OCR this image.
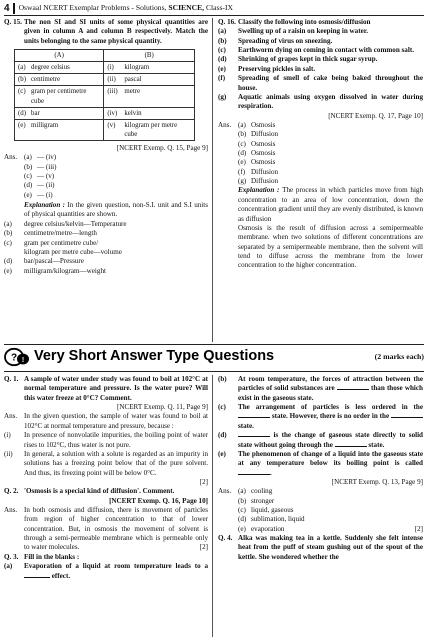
4 Oswaal NCERT Exemplar Problems - Solutions,
SCIENCE,
Class-IX
Q. 15. The non SI and SI units of some physical quantities are given in column A and column B respectively. Match the units belonging to the same physical quantity.
(A)	(B)

(a) degree celsius	(i) kilogram

(b) centimetre	(ii) pascal

(c) gram per centimetre cube	(iii) metre

(d) bar	(iv) kelvin

(e) milligram	(v) kilogram per metre cube
[NCERT Exemp. Q. 15, Page 9]
Ans. (a) — (iv)
(b) — (iii)
(c) — (v)
(d) — (ii)
(e) — (i)
Explanation : In the given question, non-S.I. unit and S.I units of physical quantities are shown.
(a)	degree celsius/kelvin—Temperature
(b)	centimetre/metre—length
(c)	gram per centimetre cube/
kilogram per metre cube—volume
(d)	bar/pascal—Pressure
(e)	milligram/kilogram—weight
Q. 16. Classify the following into osmosis/diffusion
(a)	Swelling up of a raisin on keeping in water.
(b)	Spreading of virus on sneezing.
(c)	Earthworm dying on coming in contact with common salt.
(d)	Shrinking of grapes kept in thick sugar syrup.
(e)	Preserving pickles in salt.
(f)	Spreading of smell of cake being baked throughout the house.
(g)	Aquatic animals using oxygen dissolved in water during respiration.
[NCERT Exemp. Q. 17, Page 10]
Ans. (a) Osmosis
(b) Diffusion
(c) Osmosis
(d) Osmosis
(e) Osmosis
(f) Diffusion
(g) Diffusion
Explanation : The process in which particles move from high concentration to an area of low concentration, down the concentration gradient until they are evenly distributed, is known as diffusion
Osmosis is the result of diffusion across a semipermeable membrane. when two solutions of different concentrations are separated by a semipermeable membrane, then the solvent will tend to diffuse across the membrane from the lower concentration to the higher concentration.
? ! Very Short Answer Type Questions	(2 marks each)
Q. 1. A sample of water under study was found to boil at 102°C at normal temperature and pressure. Is the water pure? Will this water freeze at 0°C? Comment.
[NCERT Exemp. Q. 11, Page 9]
Ans. In the given question, the sample of water was found to boil at 102°C at normal temperature and pressure, because :
(i)	In presence of nonvolatile impurities, the boiling point of water rises to 102°C, thus water is not pure.
(ii)	In general, a solution with a solute is regarded as an impurity in solutions has a freezing point below that of the pure solvent. And thus, its freezing point will be below 0°C.
[2]
Q. 2. 'Osmosis is a special kind of diffusion'. Comment.
[NCERT Exemp. Q. 16, Page 10]
Ans. In both osmosis and diffusion, there is movement of particles from region of higher concentration to that of lower concentration. But, in osmosis the movement of solvent is through a semi-permeable membrane which is permeable only to water molecules.	[2]
Q. 3. Fill in the blanks :
(a)	Evaporation of a liquid at room temperature leads to a  effect.
(b)	At room temperature, the forces of attraction between the particles of solid substances are	than those which exist in the gaseous state.
(c)	The arrangement of particles is less ordered in the  state. However, there is no order in the  state.
(d)	is the change of gaseous state directly to solid state without going through the	state.
(e)	The phenomenon of change of a liquid into the gaseous state at any temperature below its boiling point is called .
[NCERT Exemp. Q. 13, Page 9]
Ans. (a) cooling
(b) stronger
(c) liquid, gaseous
(d) sublimation, liquid
(e) evaporation	[2]
Q. 4. Alka was making tea in a kettle. Suddenly she felt intense heat from the puff of steam gushing out of the spout of the kettle. She wondered whether the
